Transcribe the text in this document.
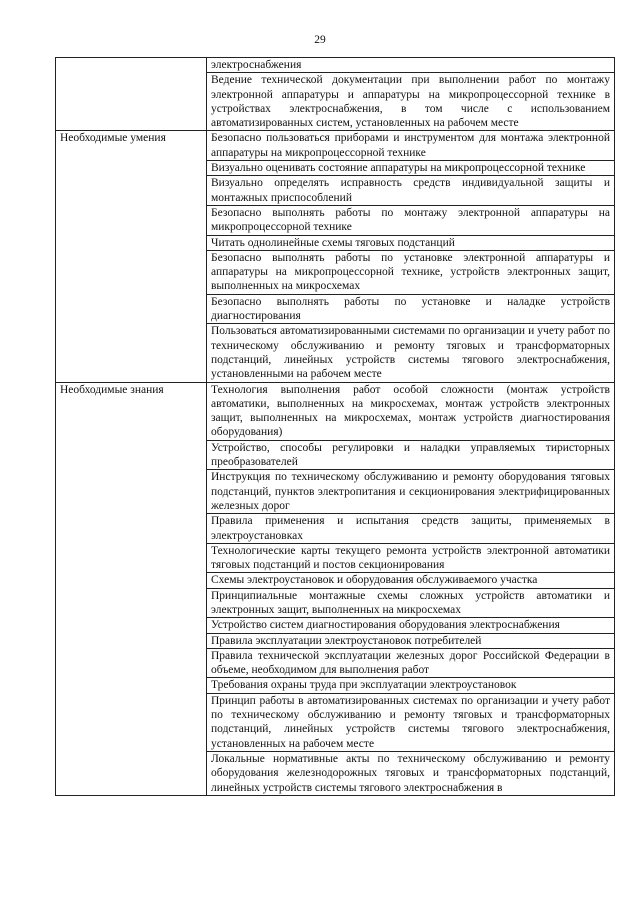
29
	электроснабжения
	Ведение технической документации при выполнении работ по монтажу электронной аппаратуры и аппаратуры на микропроцессорной технике в устройствах электроснабжения, в том числе с использованием автоматизированных систем, установленных на рабочем месте
Необходимые умения	Безопасно пользоваться приборами и инструментом для монтажа электронной аппаратуры на микропроцессорной технике
	Визуально оценивать состояние аппаратуры на микропроцессорной технике
	Визуально определять исправность средств индивидуальной защиты и монтажных приспособлений
	Безопасно выполнять работы по монтажу электронной аппаратуры на микропроцессорной технике
	Читать однолинейные схемы тяговых подстанций
	Безопасно выполнять работы по установке электронной аппаратуры и аппаратуры на микропроцессорной технике, устройств электронных защит, выполненных на микросхемах
	Безопасно выполнять работы по установке и наладке устройств диагностирования
	Пользоваться автоматизированными системами по организации и учету работ по техническому обслуживанию и ремонту тяговых и трансформаторных подстанций, линейных устройств системы тягового электроснабжения, установленными на рабочем месте
Необходимые знания	Технология выполнения работ особой сложности (монтаж устройств автоматики, выполненных на микросхемах, монтаж устройств электронных защит, выполненных на микросхемах, монтаж устройств диагностирования оборудования)
	Устройство, способы регулировки и наладки управляемых тиристорных преобразователей
	Инструкция по техническому обслуживанию и ремонту оборудования тяговых подстанций, пунктов электропитания и секционирования электрифицированных железных дорог
	Правила применения и испытания средств защиты, применяемых в электроустановках
	Технологические карты текущего ремонта устройств электронной автоматики тяговых подстанций и постов секционирования
	Схемы электроустановок и оборудования обслуживаемого участка
	Принципиальные монтажные схемы сложных устройств автоматики и электронных защит, выполненных на микросхемах
	Устройство систем диагностирования оборудования электроснабжения
	Правила эксплуатации электроустановок потребителей
	Правила технической эксплуатации железных дорог Российской Федерации в объеме, необходимом для выполнения работ
	Требования охраны труда при эксплуатации электроустановок
	Принцип работы в автоматизированных системах по организации и учету работ по техническому обслуживанию и ремонту тяговых и трансформаторных подстанций, линейных устройств системы тягового электроснабжения, установленных на рабочем месте
	Локальные нормативные акты по техническому обслуживанию и ремонту оборудования железнодорожных тяговых и трансформаторных подстанций, линейных устройств системы тягового электроснабжения в
